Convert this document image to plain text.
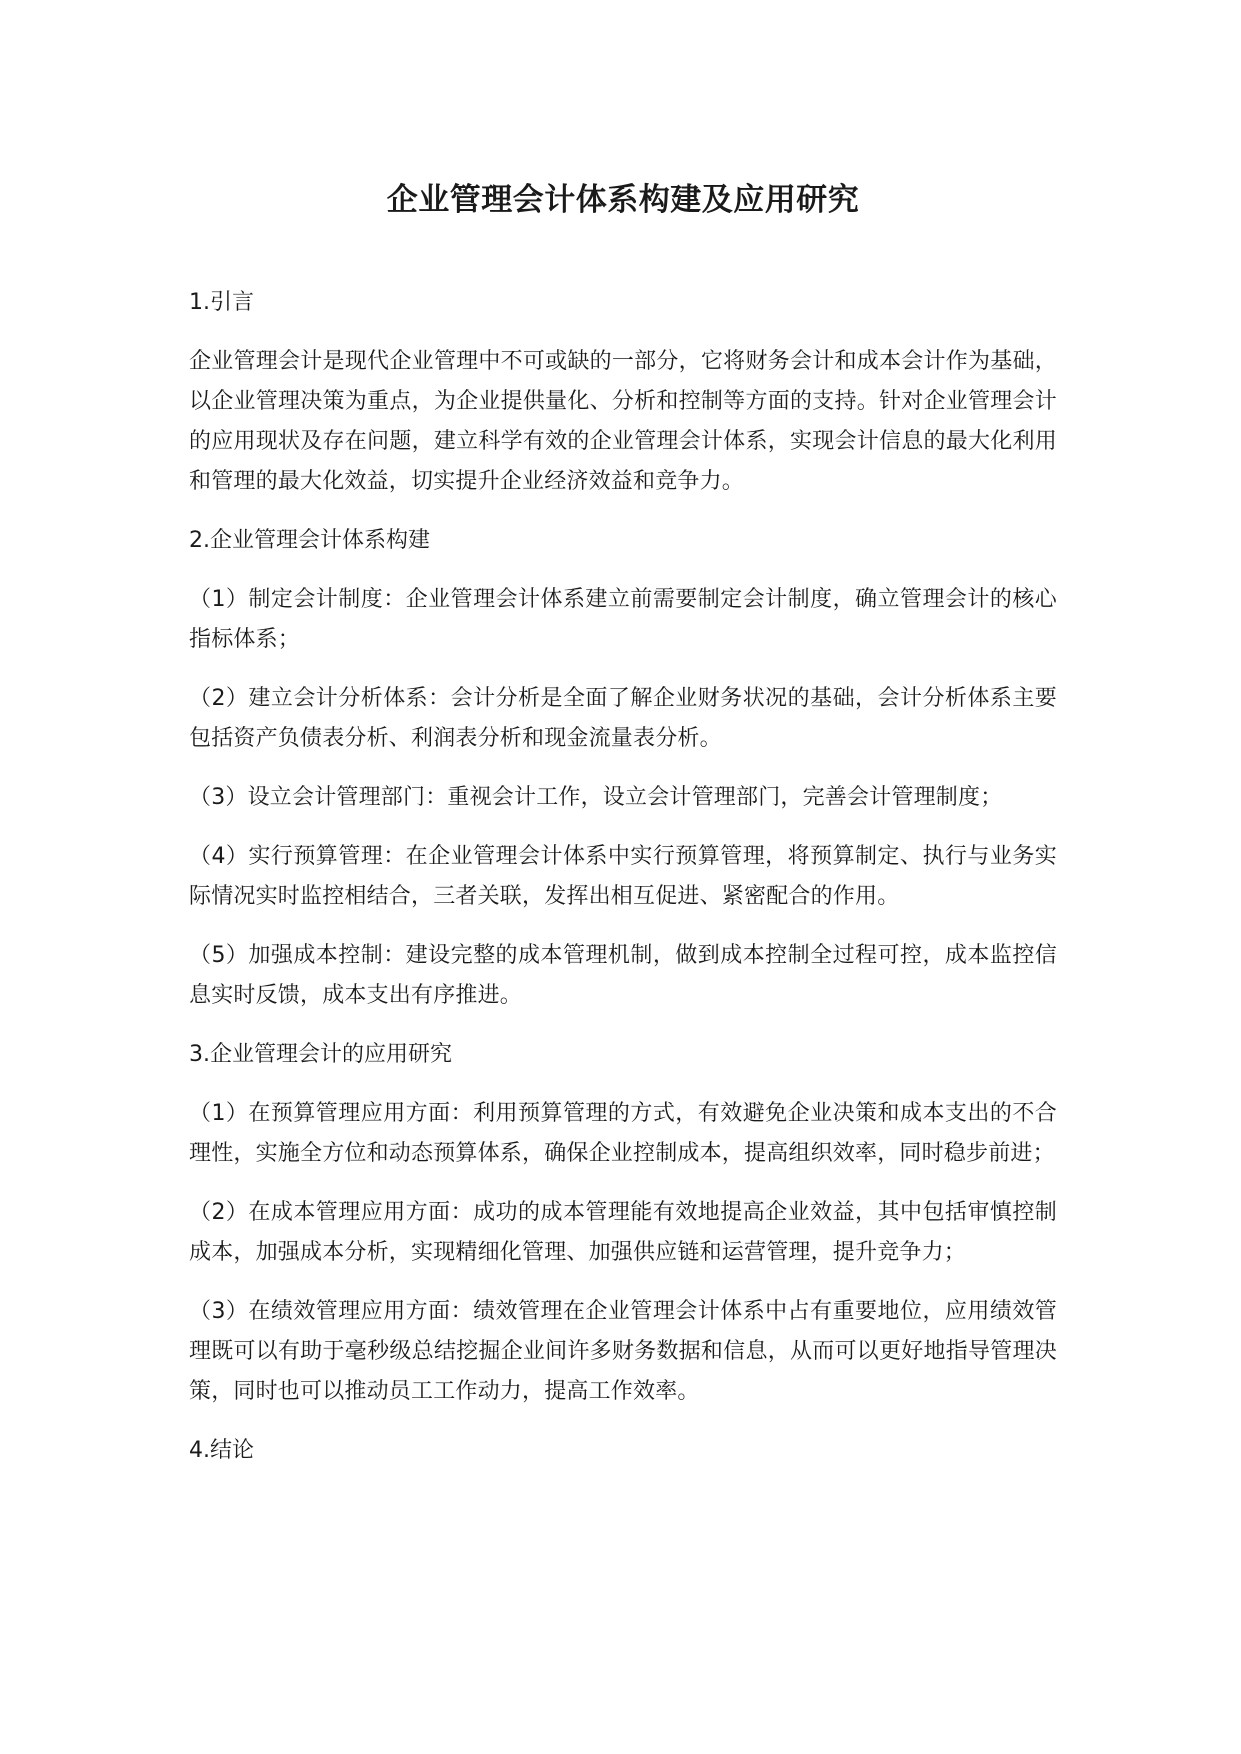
企业管理会计体系构建及应用研究
1.引言
企业管理会计是现代企业管理中不可或缺的一部分，它将财务会计和成本会计作为基础，以企业管理决策为重点，为企业提供量化、分析和控制等方面的支持。针对企业管理会计的应用现状及存在问题，建立科学有效的企业管理会计体系，实现会计信息的最大化利用和管理的最大化效益，切实提升企业经济效益和竞争力。
2.企业管理会计体系构建
（1）制定会计制度：企业管理会计体系建立前需要制定会计制度，确立管理会计的核心指标体系；
（2）建立会计分析体系：会计分析是全面了解企业财务状况的基础，会计分析体系主要包括资产负债表分析、利润表分析和现金流量表分析。
（3）设立会计管理部门：重视会计工作，设立会计管理部门，完善会计管理制度；
（4）实行预算管理：在企业管理会计体系中实行预算管理，将预算制定、执行与业务实际情况实时监控相结合，三者关联，发挥出相互促进、紧密配合的作用。
（5）加强成本控制：建设完整的成本管理机制，做到成本控制全过程可控，成本监控信息实时反馈，成本支出有序推进。
3.企业管理会计的应用研究
（1）在预算管理应用方面：利用预算管理的方式，有效避免企业决策和成本支出的不合理性，实施全方位和动态预算体系，确保企业控制成本，提高组织效率，同时稳步前进；
（2）在成本管理应用方面：成功的成本管理能有效地提高企业效益，其中包括审慎控制成本，加强成本分析，实现精细化管理、加强供应链和运营管理，提升竞争力；
（3）在绩效管理应用方面：绩效管理在企业管理会计体系中占有重要地位，应用绩效管理既可以有助于毫秒级总结挖掘企业间许多财务数据和信息，从而可以更好地指导管理决策，同时也可以推动员工工作动力，提高工作效率。
4.结论
